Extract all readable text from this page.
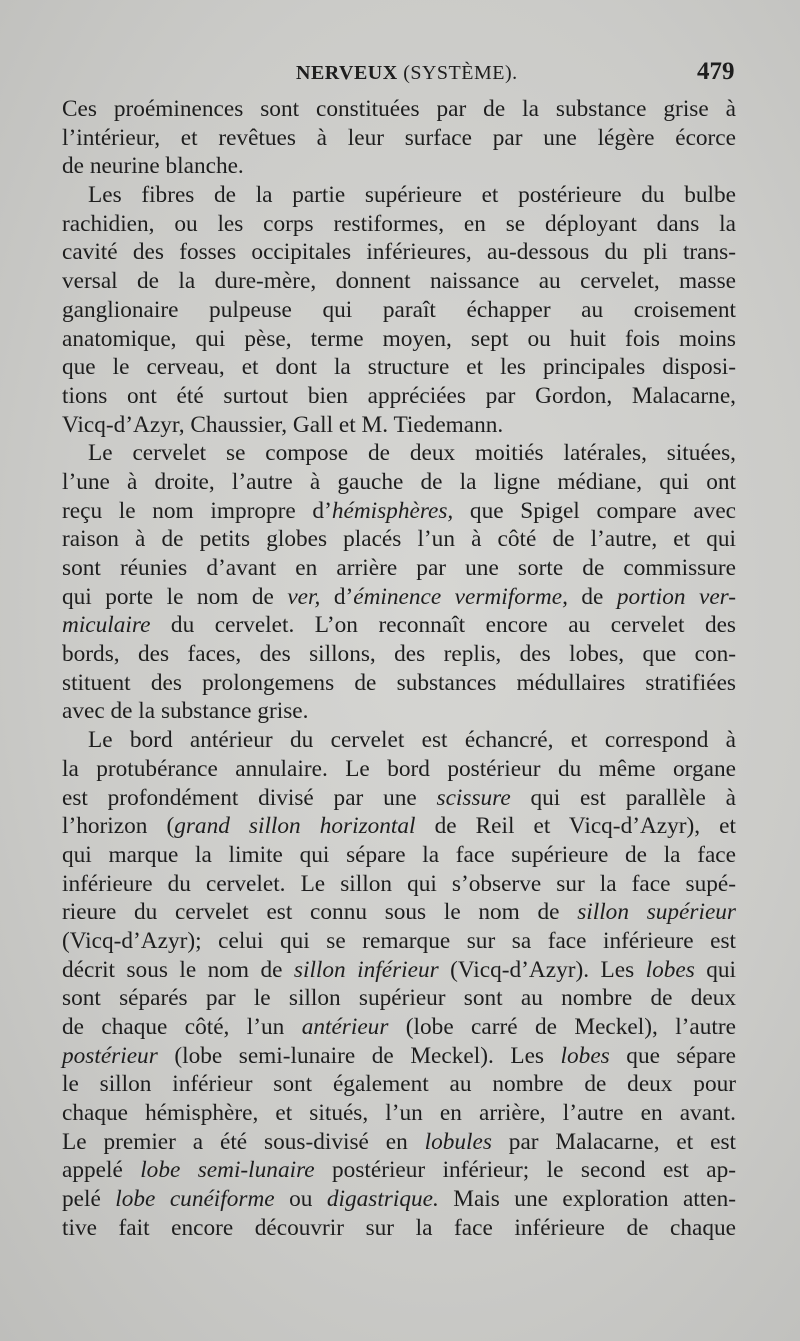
NERVEUX (SYSTÈME).	479
Ces proéminences sont constituées par de la substance grise à
l’intérieur, et revêtues à leur surface par une légère écorce
de neurine blanche.
Les fibres de la partie supérieure et postérieure du bulbe
rachidien, ou les corps restiformes, en se déployant dans la
cavité des fosses occipitales inférieures, au-dessous du pli trans-
versal de la dure-mère, donnent naissance au cervelet, masse
ganglionaire pulpeuse qui paraît échapper au croisement
anatomique, qui pèse, terme moyen, sept ou huit fois moins
que le cerveau, et dont la structure et les principales disposi-
tions ont été surtout bien appréciées par Gordon, Malacarne,
Vicq-d’Azyr, Chaussier, Gall et M. Tiedemann.
Le cervelet se compose de deux moitiés latérales, situées,
l’une à droite, l’autre à gauche de la ligne médiane, qui ont
reçu le nom impropre d’hémisphères, que Spigel compare avec
raison à de petits globes placés l’un à côté de l’autre, et qui
sont réunies d’avant en arrière par une sorte de commissure
qui porte le nom de ver, d’éminence vermiforme, de portion ver-
miculaire du cervelet. L’on reconnaît encore au cervelet des
bords, des faces, des sillons, des replis, des lobes, que con-
stituent des prolongemens de substances médullaires stratifiées
avec de la substance grise.
Le bord antérieur du cervelet est échancré, et correspond à
la protubérance annulaire. Le bord postérieur du même organe
est profondément divisé par une scissure qui est parallèle à
l’horizon (grand sillon horizontal de Reil et Vicq-d’Azyr), et
qui marque la limite qui sépare la face supérieure de la face
inférieure du cervelet. Le sillon qui s’observe sur la face supé-
rieure du cervelet est connu sous le nom de sillon supérieur
(Vicq-d’Azyr); celui qui se remarque sur sa face inférieure est
décrit sous le nom de sillon inférieur (Vicq-d’Azyr). Les lobes qui
sont séparés par le sillon supérieur sont au nombre de deux
de chaque côté, l’un antérieur (lobe carré de Meckel), l’autre
postérieur (lobe semi-lunaire de Meckel). Les lobes que sépare
le sillon inférieur sont également au nombre de deux pour
chaque hémisphère, et situés, l’un en arrière, l’autre en avant.
Le premier a été sous-divisé en lobules par Malacarne, et est
appelé lobe semi-lunaire postérieur inférieur; le second est ap-
pelé lobe cunéiforme ou digastrique. Mais une exploration atten-
tive fait encore découvrir sur la face inférieure de chaque
